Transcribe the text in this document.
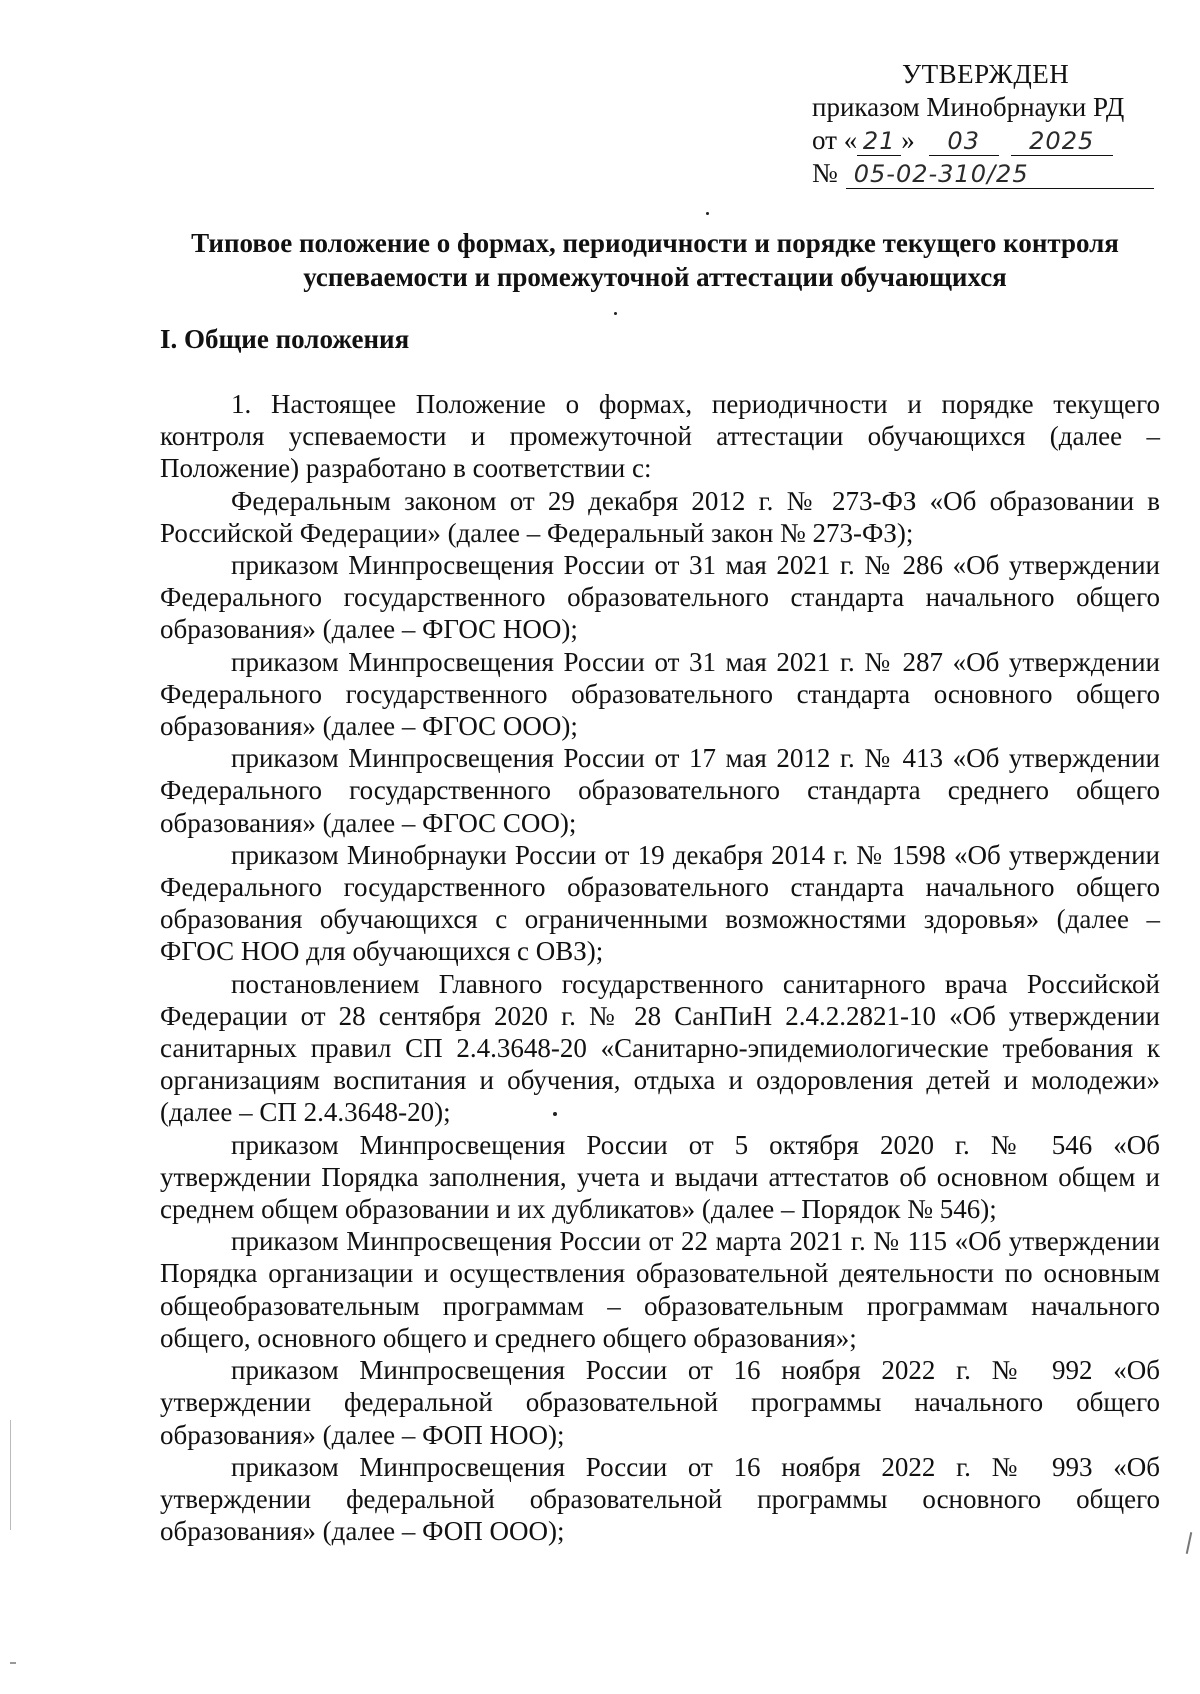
УТВЕРЖДЕН
приказом Минобрнауки РД
от « 21 » 03 2025
№ 05-02-310/25
Типовое положение о формах, периодичности и порядке текущего контроля успеваемости и промежуточной аттестации обучающихся
I. Общие положения

1. Настоящее Положение о формах, периодичности и порядке текущего контроля успеваемости и промежуточной аттестации обучающихся (далее – Положение) разработано в соответствии с:

Федеральным законом от 29 декабря 2012 г. № 273-ФЗ «Об образовании в Российской Федерации» (далее – Федеральный закон № 273-ФЗ);

приказом Минпросвещения России от 31 мая 2021 г. № 286 «Об утверждении Федерального государственного образовательного стандарта начального общего образования» (далее – ФГОС НОО);

приказом Минпросвещения России от 31 мая 2021 г. № 287 «Об утверждении Федерального государственного образовательного стандарта основного общего образования» (далее – ФГОС ООО);

приказом Минпросвещения России от 17 мая 2012 г. № 413 «Об утверждении Федерального государственного образовательного стандарта среднего общего образования» (далее – ФГОС СОО);

приказом Минобрнауки России от 19 декабря 2014 г. № 1598 «Об утверждении Федерального государственного образовательного стандарта начального общего образования обучающихся с ограниченными возможностями здоровья» (далее – ФГОС НОО для обучающихся с ОВЗ);

постановлением Главного государственного санитарного врача Российской Федерации от 28 сентября 2020 г. № 28 СанПиН 2.4.2.2821-10 «Об утверждении санитарных правил СП 2.4.3648-20 «Санитарно-эпидемиологические требования к организациям воспитания и обучения, отдыха и оздоровления детей и молодежи» (далее – СП 2.4.3648-20);

приказом Минпросвещения России от 5 октября 2020 г. № 546 «Об утверждении Порядка заполнения, учета и выдачи аттестатов об основном общем и среднем общем образовании и их дубликатов» (далее – Порядок № 546);

приказом Минпросвещения России от 22 марта 2021 г. № 115 «Об утверждении Порядка организации и осуществления образовательной деятельности по основным общеобразовательным программам – образовательным программам начального общего, основного общего и среднего общего образования»;

приказом Минпросвещения России от 16 ноября 2022 г. № 992 «Об утверждении федеральной образовательной программы начального общего образования» (далее – ФОП НОО);

приказом Минпросвещения России от 16 ноября 2022 г. № 993 «Об утверждении федеральной образовательной программы основного общего образования» (далее – ФОП ООО);
